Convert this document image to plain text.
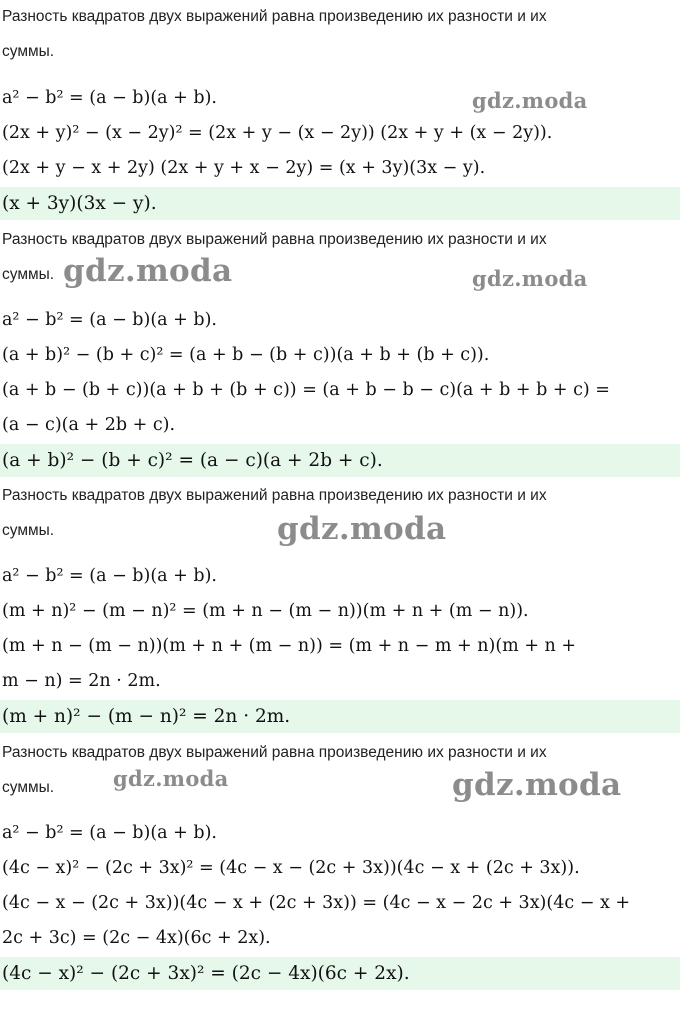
Разность квадратов двух выражений равна произведению их разности и их
суммы.
a² − b² = (a − b)(a + b).
(2x + y)² − (x − 2y)² = (2x + y − (x − 2y)) (2x + y + (x − 2y)).
(2x + y − x + 2y) (2x + y + x − 2y) = (x + 3y)(3x − y).
(x + 3y)(3x − y).
Разность квадратов двух выражений равна произведению их разности и их
суммы.
a² − b² = (a − b)(a + b).
(a + b)² − (b + c)² = (a + b − (b + c))(a + b + (b + c)).
(a + b − (b + c))(a + b + (b + c)) = (a + b − b − c)(a + b + b + c) =
(a − c)(a + 2b + c).
(a + b)² − (b + c)² = (a − c)(a + 2b + c).
Разность квадратов двух выражений равна произведению их разности и их
суммы.
a² − b² = (a − b)(a + b).
(m + n)² − (m − n)² = (m + n − (m − n))(m + n + (m − n)).
(m + n − (m − n))(m + n + (m − n)) = (m + n − m + n)(m + n +
m − n) = 2n · 2m.
(m + n)² − (m − n)² = 2n · 2m.
Разность квадратов двух выражений равна произведению их разности и их
суммы.
a² − b² = (a − b)(a + b).
(4c − x)² − (2c + 3x)² = (4c − x − (2c + 3x))(4c − x + (2c + 3x)).
(4c − x − (2c + 3x))(4c − x + (2c + 3x)) = (4c − x − 2c + 3x)(4c − x +
2c + 3c) = (2c − 4x)(6c + 2x).
(4c − x)² − (2c + 3x)² = (2c − 4x)(6c + 2x).
gdz.moda
gdz.moda	gdz.moda
gdz.moda
gdz.moda	gdz.moda
